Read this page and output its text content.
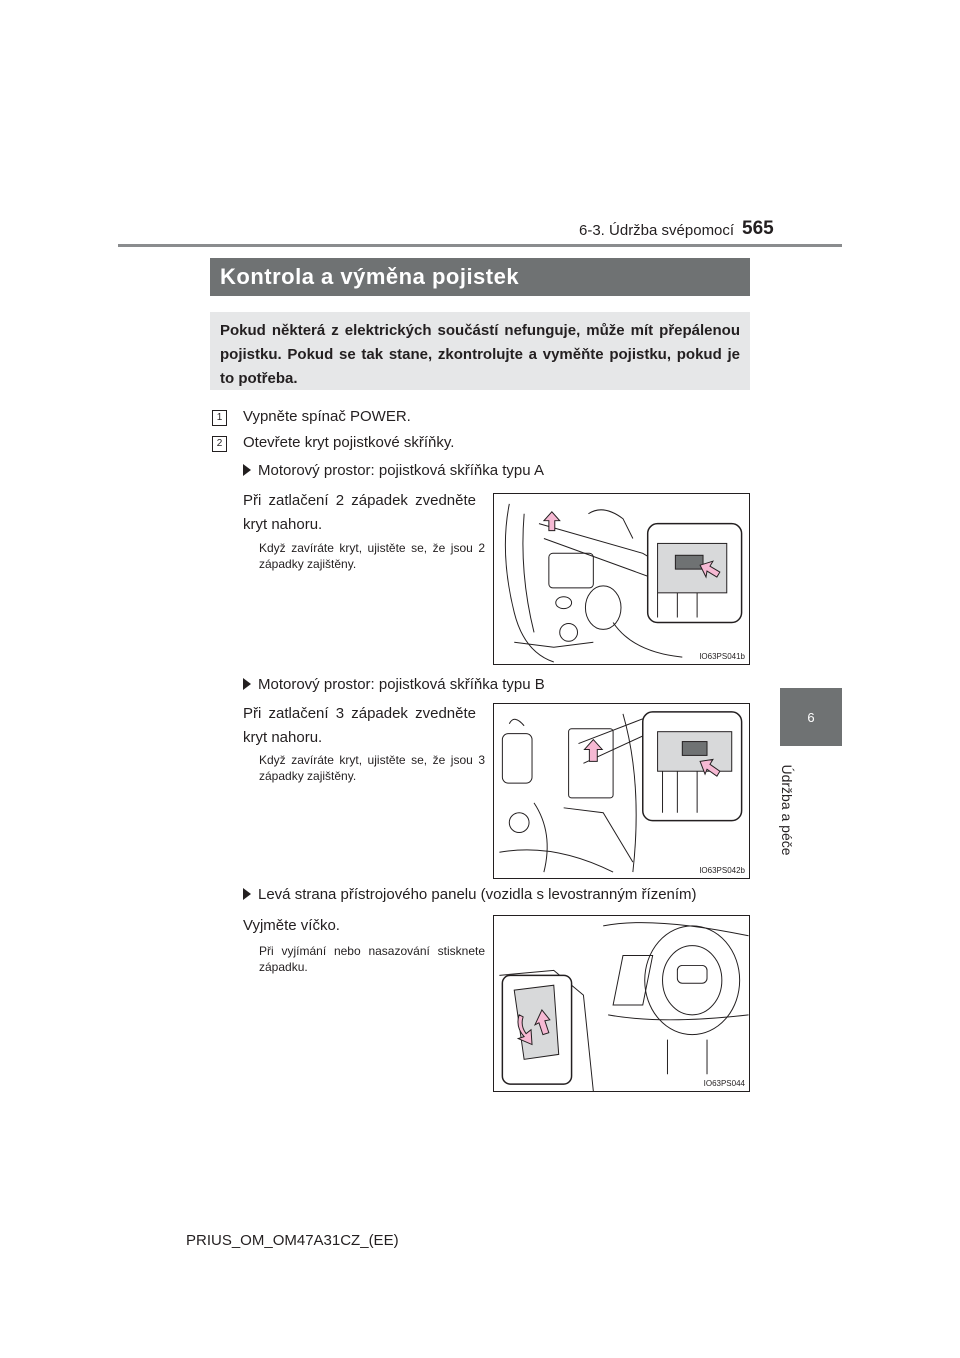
6-3. Údržba svépomocí 565
6
Údržba a péče
Kontrola a výměna pojistek
Pokud některá z elektrických součástí nefunguje, může mít přepálenou pojistku. Pokud se tak stane, zkontrolujte a vyměňte pojistku, pokud je to potřeba.
1	Vypněte spínač POWER.
2	Otevřete kryt pojistkové skříňky.
Motorový prostor: pojistková skříňka typu A
Při zatlačení 2 západek zvedněte kryt nahoru.
Když zavíráte kryt, ujistěte se, že jsou 2 západky zajištěny.
IO63PS041b
Motorový prostor: pojistková skříňka typu B
Při zatlačení 3 západek zvedněte kryt nahoru.
Když zavíráte kryt, ujistěte se, že jsou 3 západky zajištěny.
IO63PS042b
Levá strana přístrojového panelu (vozidla s levostranným řízením)
Vyjměte víčko.
Při vyjímání nebo nasazování stisknete západku.
IO63PS044
PRIUS_OM_OM47A31CZ_(EE)
